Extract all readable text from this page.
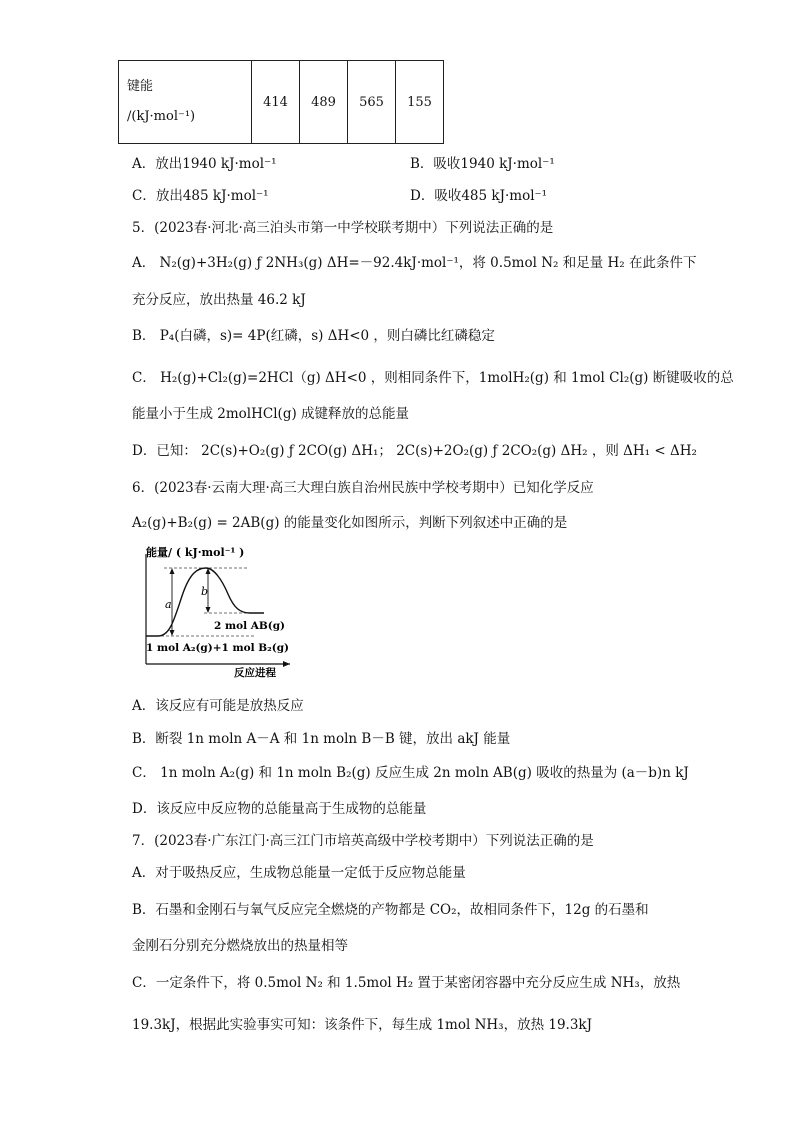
键能
/(kJ·mol⁻¹)
	414	489	565	155
A．放出1940 kJ·mol⁻¹	B．吸收1940 kJ·mol⁻¹
C．放出485 kJ·mol⁻¹	D．吸收485 kJ·mol⁻¹
5．(2023春·河北·高三泊头市第一中学校联考期中）下列说法正确的是
A． N₂(g)+3H₂(g) ƒ 2NH₃(g) ΔH=－92.4kJ·mol⁻¹，将 0.5mol N₂ 和足量 H₂ 在此条件下
充分反应，放出热量 46.2 kJ
B． P₄(白磷，s)= 4P(红磷，s) ΔH<0 ，则白磷比红磷稳定
C． H₂(g)+Cl₂(g)=2HCl（g) ΔH<0 ，则相同条件下，1molH₂(g) 和 1mol Cl₂(g) 断键吸收的总
能量小于生成 2molHCl(g) 成键释放的总能量
D．已知： 2C(s)+O₂(g) ƒ 2CO(g) ΔH₁； 2C(s)+2O₂(g) ƒ 2CO₂(g) ΔH₂ ，则 ΔH₁ < ΔH₂
6．(2023春·云南大理·高三大理白族自治州民族中学校考期中）已知化学反应
A₂(g)+B₂(g) = 2AB(g) 的能量变化如图所示，判断下列叙述中正确的是
能量/ ( kJ·mol⁻¹ )
a
b
2 mol AB(g)
1 mol A₂(g)+1 mol B₂(g)
反应进程
A．该反应有可能是放热反应
B．断裂 1n moln A－A 和 1n moln B－B 键，放出 akJ 能量
C． 1n moln A₂(g) 和 1n moln B₂(g) 反应生成 2n moln AB(g) 吸收的热量为 (a－b)n kJ
D．该反应中反应物的总能量高于生成物的总能量
7．(2023春·广东江门·高三江门市培英高级中学校考期中）下列说法正确的是
A．对于吸热反应，生成物总能量一定低于反应物总能量
B．石墨和金刚石与氧气反应完全燃烧的产物都是 CO₂，故相同条件下，12g 的石墨和
金刚石分别充分燃烧放出的热量相等
C．一定条件下，将 0.5mol N₂ 和 1.5mol H₂ 置于某密闭容器中充分反应生成 NH₃，放热
19.3kJ，根据此实验事实可知：该条件下，每生成 1mol NH₃，放热 19.3kJ
